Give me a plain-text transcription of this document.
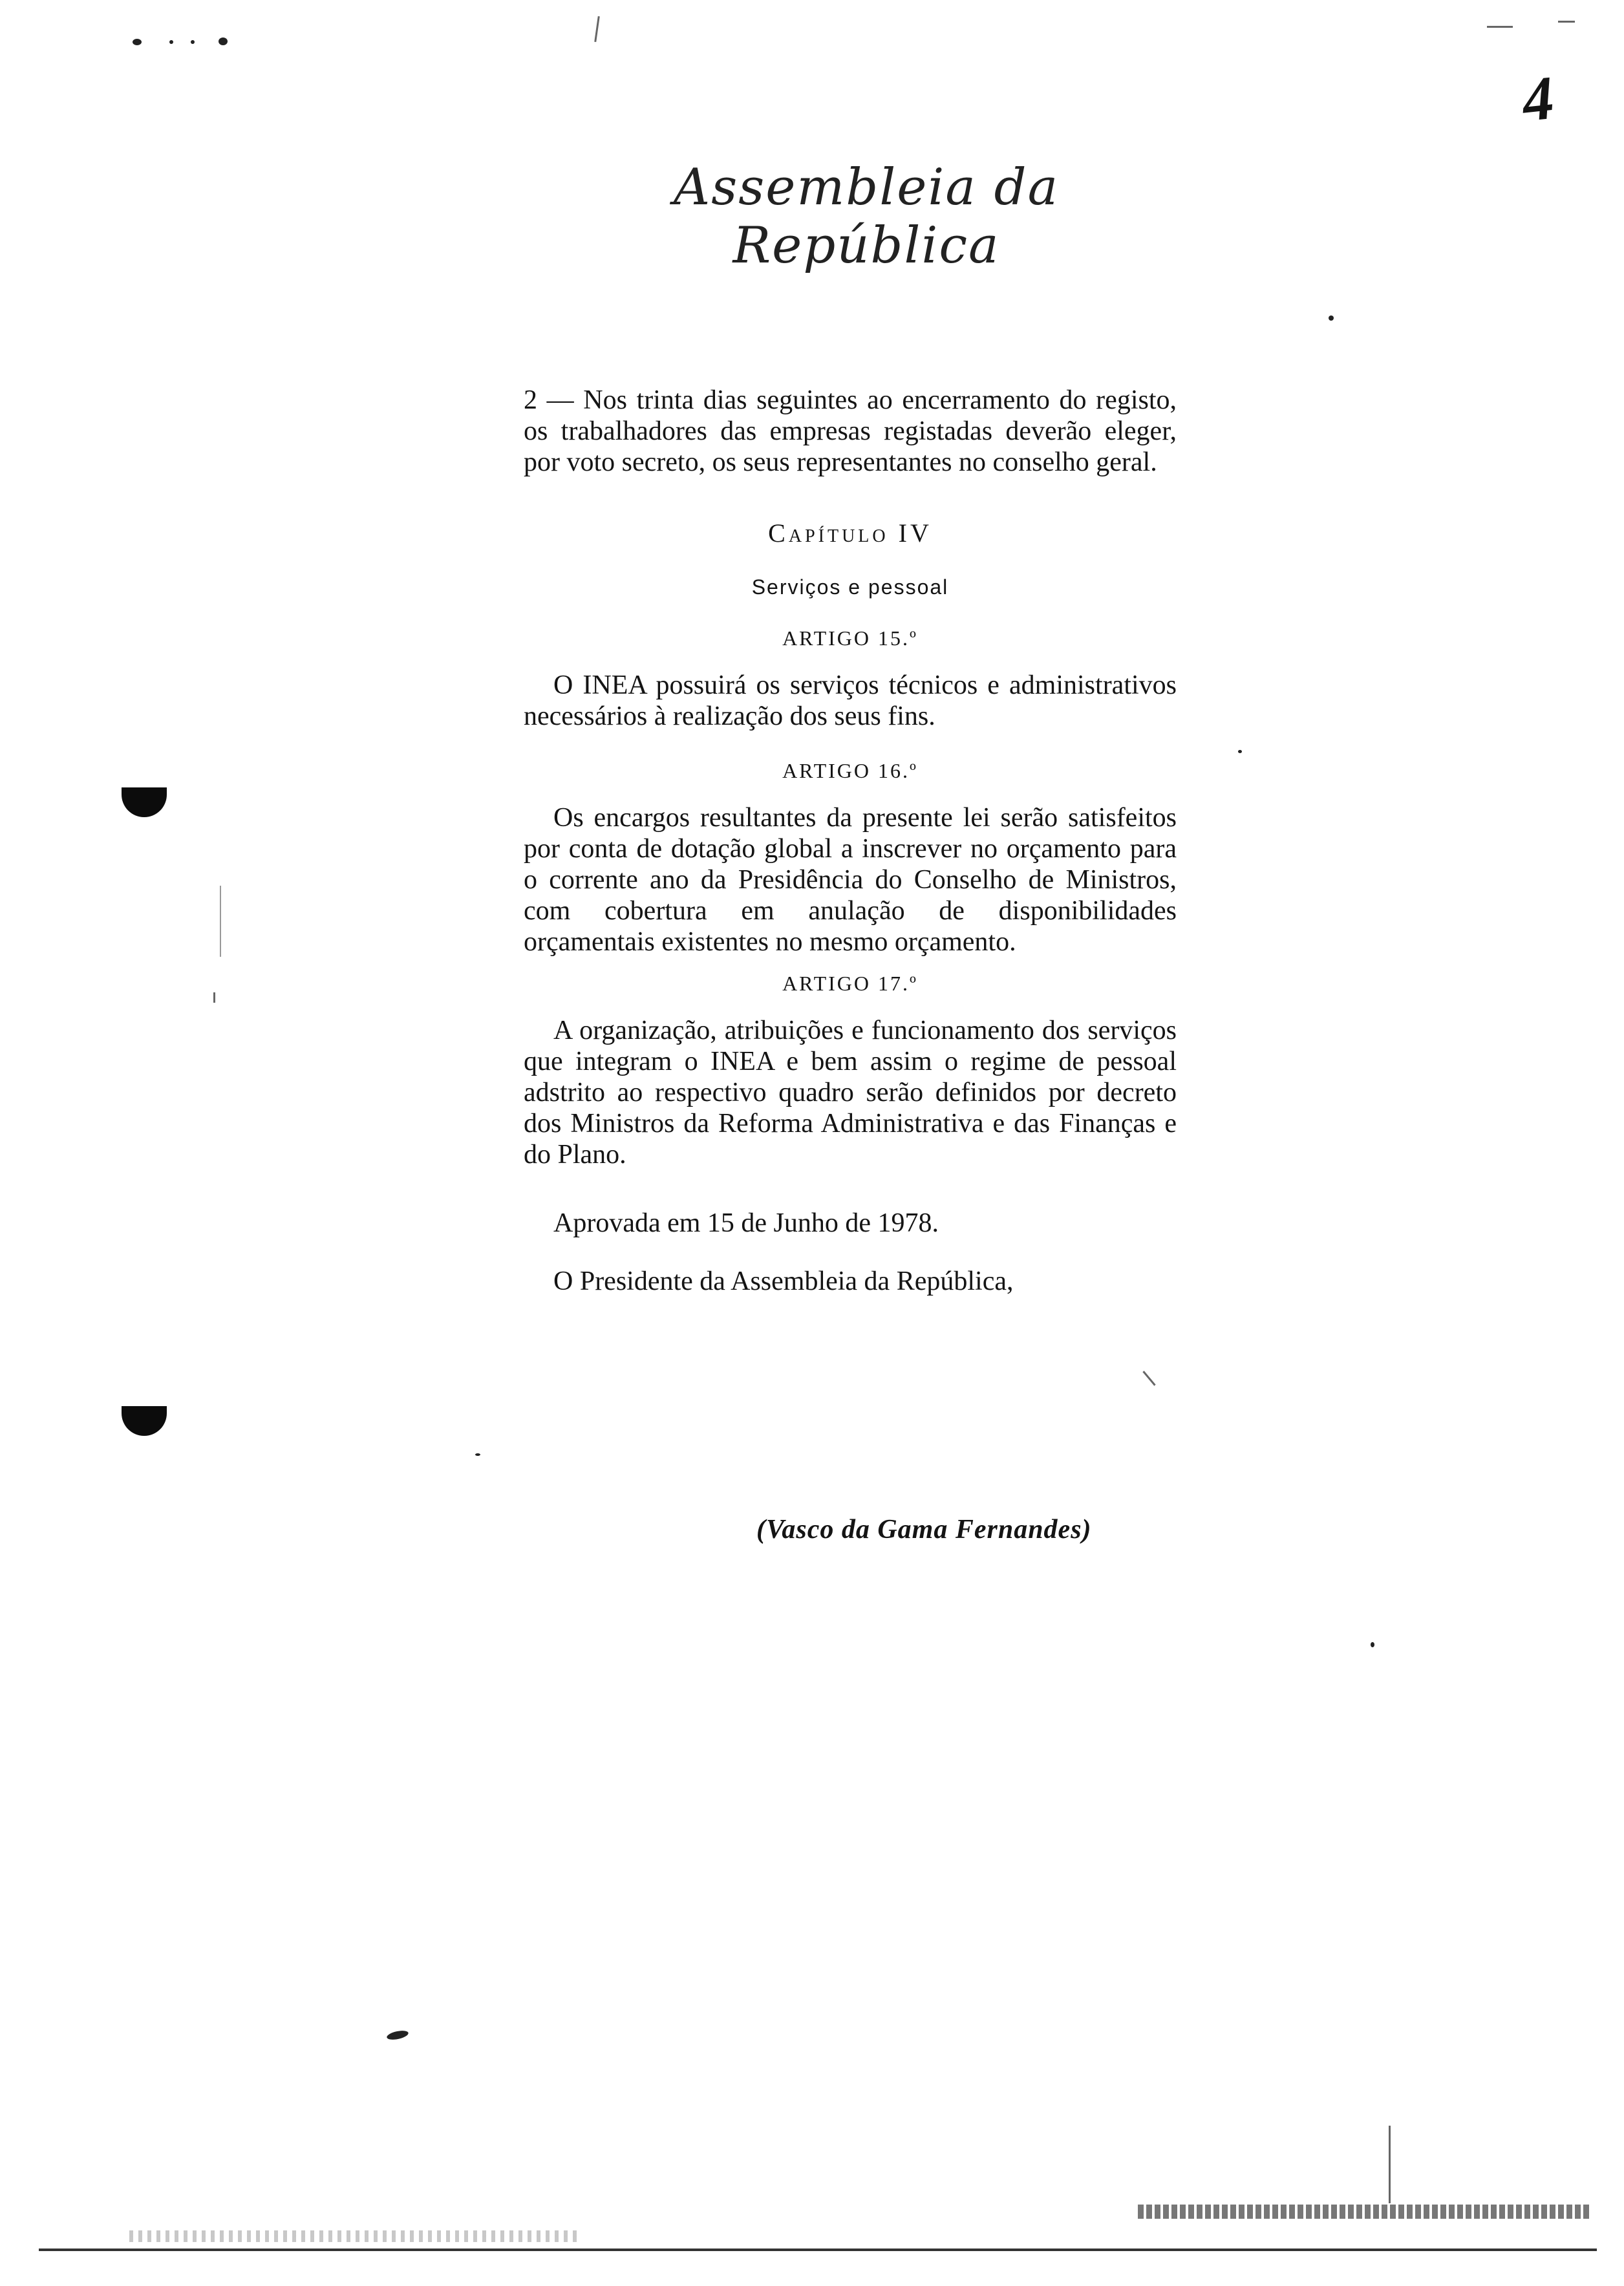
4
Assembleia da República

2 — Nos trinta dias seguintes ao encerramento do registo, os trabalhadores das empresas registadas deverão eleger, por voto secreto, os seus representantes no conselho geral.

Capítulo IV

Serviços e pessoal

ARTIGO 15.º

O INEA possuirá os serviços técnicos e administrativos necessários à realização dos seus fins.

ARTIGO 16.º

Os encargos resultantes da presente lei serão satisfeitos por conta de dotação global a inscrever no orçamento para o corrente ano da Presidência do Conselho de Ministros, com cobertura em anulação de disponibilidades orçamentais existentes no mesmo orçamento.

ARTIGO 17.º

A organização, atribuições e funcionamento dos serviços que integram o INEA e bem assim o regime de pessoal adstrito ao respectivo quadro serão definidos por decreto dos Ministros da Reforma Administrativa e das Finanças e do Plano.

Aprovada em 15 de Junho de 1978.

O Presidente da Assembleia da República,

(Vasco da Gama Fernandes)
